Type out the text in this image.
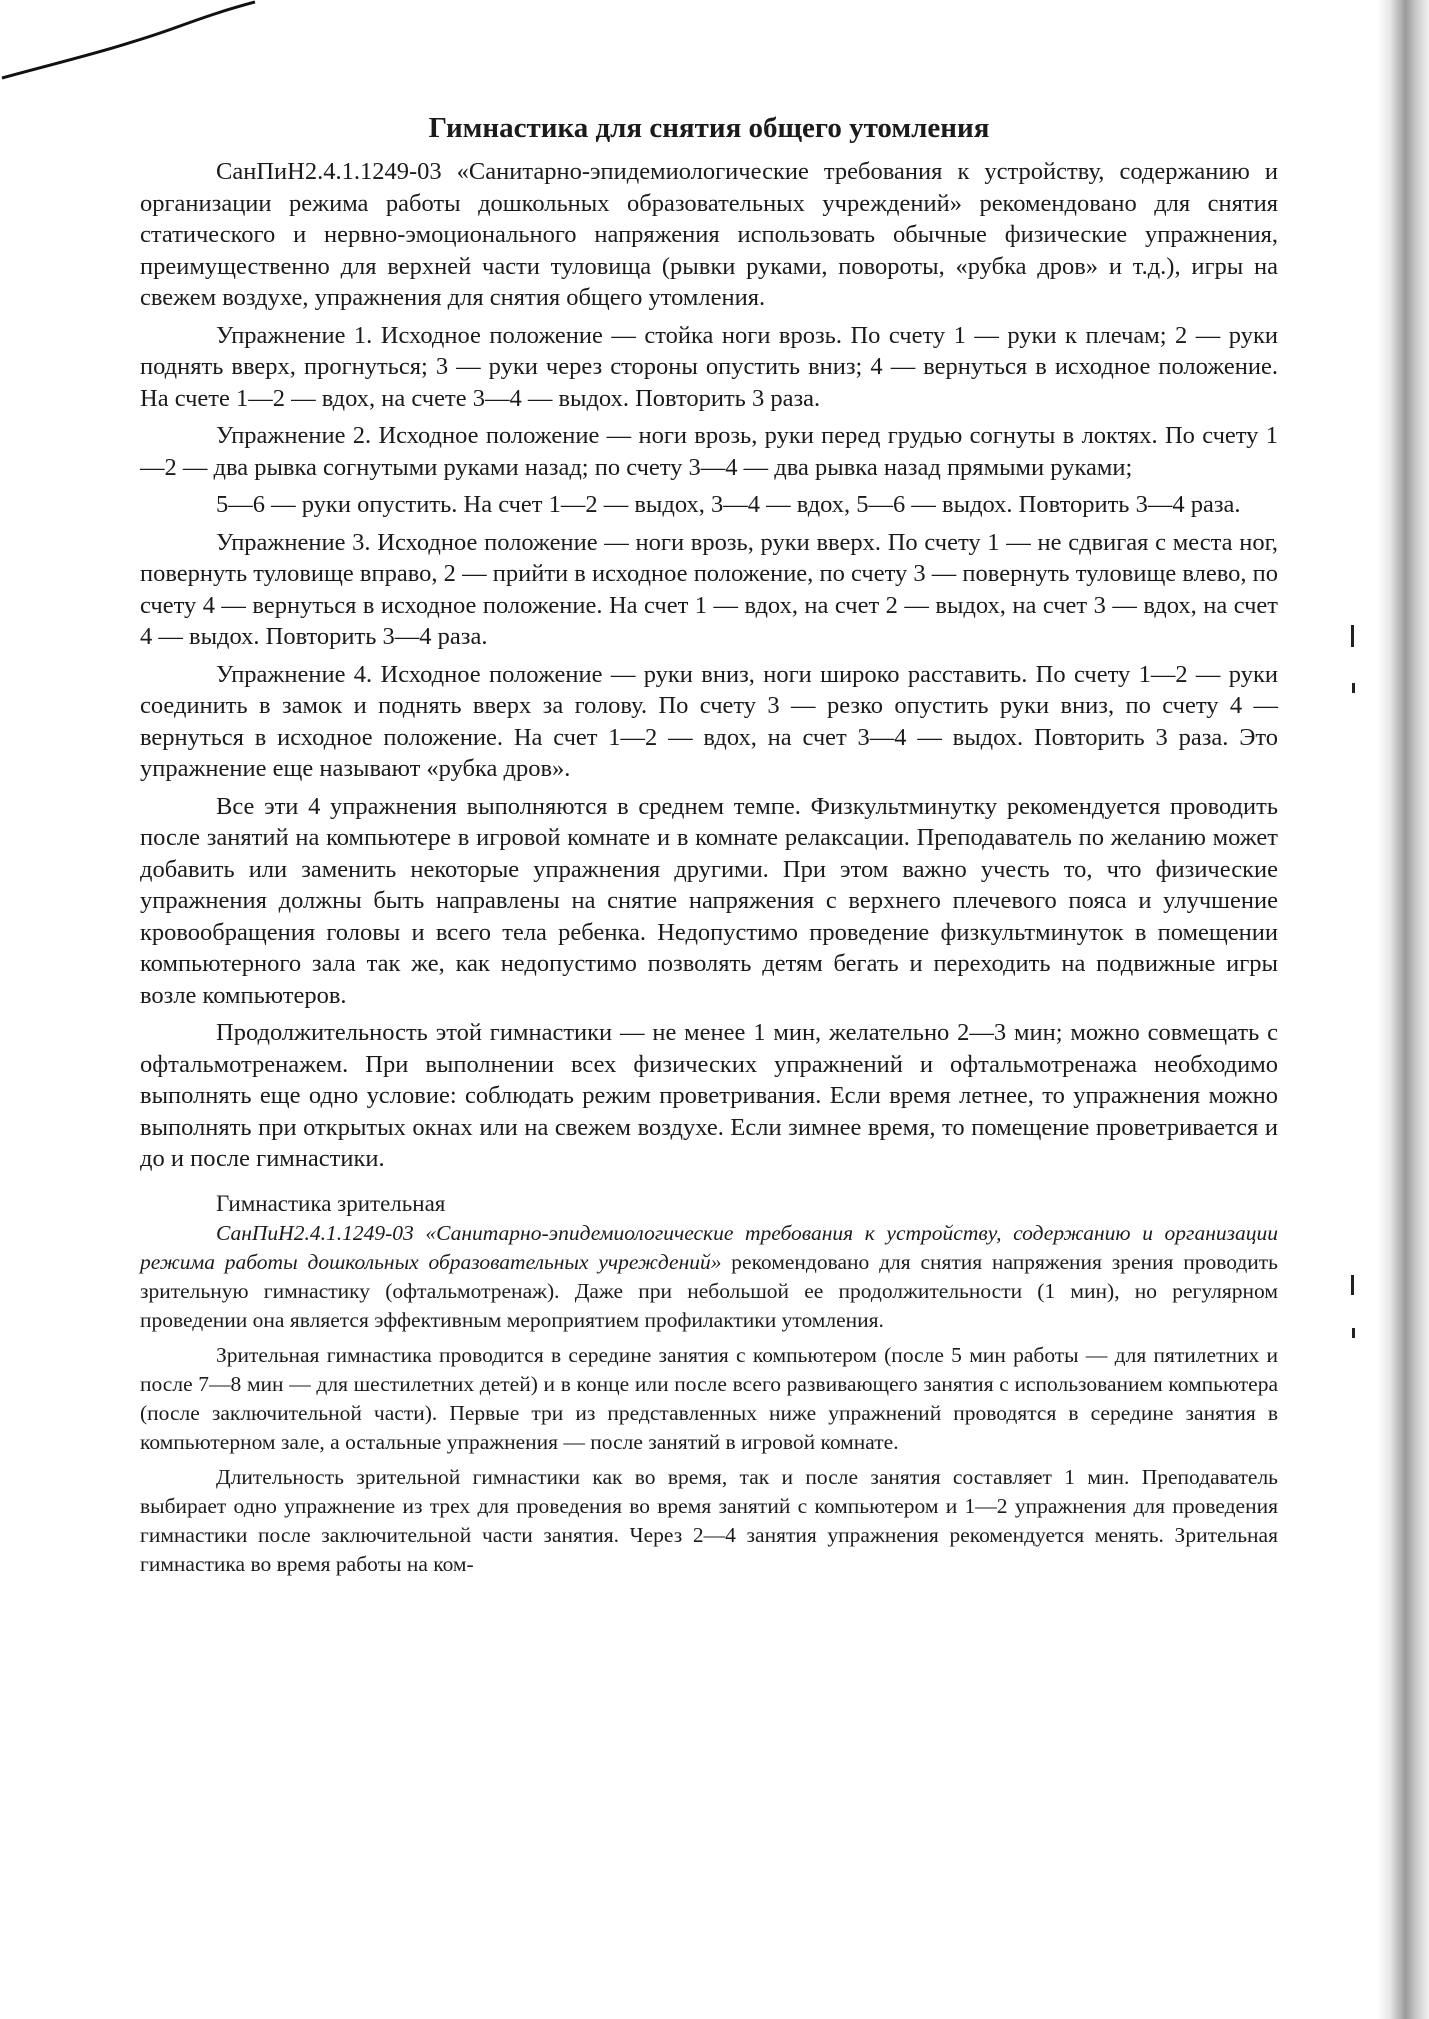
Гимнастика для снятия общего утомления

СанПиН2.4.1.1249-03 «Санитарно-эпидемиологические требования к устройству, содержанию и организации режима работы дошкольных образовательных учреждений» рекомендовано для снятия статического и нервно-эмоционального напряжения использовать обычные физические упражнения, преимущественно для верхней части туловища (рывки руками, повороты, «рубка дров» и т.д.), игры на свежем воздухе, упражнения для снятия общего утомления.

Упражнение 1. Исходное положение — стойка ноги врозь. По счету 1 — руки к плечам; 2 — руки поднять вверх, прогнуться; 3 — руки через стороны опустить вниз; 4 — вернуться в исходное положение. На счете 1—2 — вдох, на счете 3—4 — выдох. Повторить 3 раза.

Упражнение 2. Исходное положение — ноги врозь, руки перед грудью согнуты в локтях. По счету 1—2 — два рывка согнутыми руками назад; по счету 3—4 — два рывка назад прямыми руками;

5—6 — руки опустить. На счет 1—2 — выдох, 3—4 — вдох, 5—6 — выдох. Повторить 3—4 раза.

Упражнение 3. Исходное положение — ноги врозь, руки вверх. По счету 1 — не сдвигая с места ног, повернуть туловище вправо, 2 — прийти в исходное положение, по счету 3 — повернуть туловище влево, по счету 4 — вернуться в исходное положение. На счет 1 — вдох, на счет 2 — выдох, на счет 3 — вдох, на счет 4 — выдох. Повторить 3—4 раза.

Упражнение 4. Исходное положение — руки вниз, ноги широко расставить. По счету 1—2 — руки соединить в замок и поднять вверх за голову. По счету 3 — резко опустить руки вниз, по счету 4 — вернуться в исходное положение. На счет 1—2 — вдох, на счет 3—4 — выдох. Повторить 3 раза. Это упражнение еще называют «рубка дров».

Все эти 4 упражнения выполняются в среднем темпе. Физкультминутку рекомендуется проводить после занятий на компьютере в игровой комнате и в комнате релаксации. Преподаватель по желанию может добавить или заменить некоторые упражнения другими. При этом важно учесть то, что физические упражнения должны быть направлены на снятие напряжения с верхнего плечевого пояса и улучшение кровообращения головы и всего тела ребенка. Недопустимо проведение физкультминуток в помещении компьютерного зала так же, как недопустимо позволять детям бегать и переходить на подвижные игры возле компьютеров.

Продолжительность этой гимнастики — не менее 1 мин, желательно 2—3 мин; можно совмещать с офтальмотренажем. При выполнении всех физических упражнений и офтальмотренажа необходимо выполнять еще одно условие: соблюдать режим проветривания. Если время летнее, то упражнения можно выполнять при открытых окнах или на свежем воздухе. Если зимнее время, то помещение проветривается и до и после гимнастики.

Гимнастика зрительная

СанПиН2.4.1.1249-03 «Санитарно-эпидемиологические требования к устройству, содержанию и организации режима работы дошкольных образовательных учреждений» рекомендовано для снятия напряжения зрения проводить зрительную гимнастику (офтальмотренаж). Даже при небольшой ее продолжительности (1 мин), но регулярном проведении она является эффективным мероприятием профилактики утомления.

Зрительная гимнастика проводится в середине занятия с компьютером (после 5 мин работы — для пятилетних и после 7—8 мин — для шестилетних детей) и в конце или после всего развивающего занятия с использованием компьютера (после заключительной части). Первые три из представленных ниже упражнений проводятся в середине занятия в компьютерном зале, а остальные упражнения — после занятий в игровой комнате.

Длительность зрительной гимнастики как во время, так и после занятия составляет 1 мин. Преподаватель выбирает одно упражнение из трех для проведения во время занятий с компьютером и 1—2 упражнения для проведения гимнастики после заключительной части занятия. Через 2—4 занятия упражнения рекомендуется менять. Зрительная гимнастика во время работы на ком-
